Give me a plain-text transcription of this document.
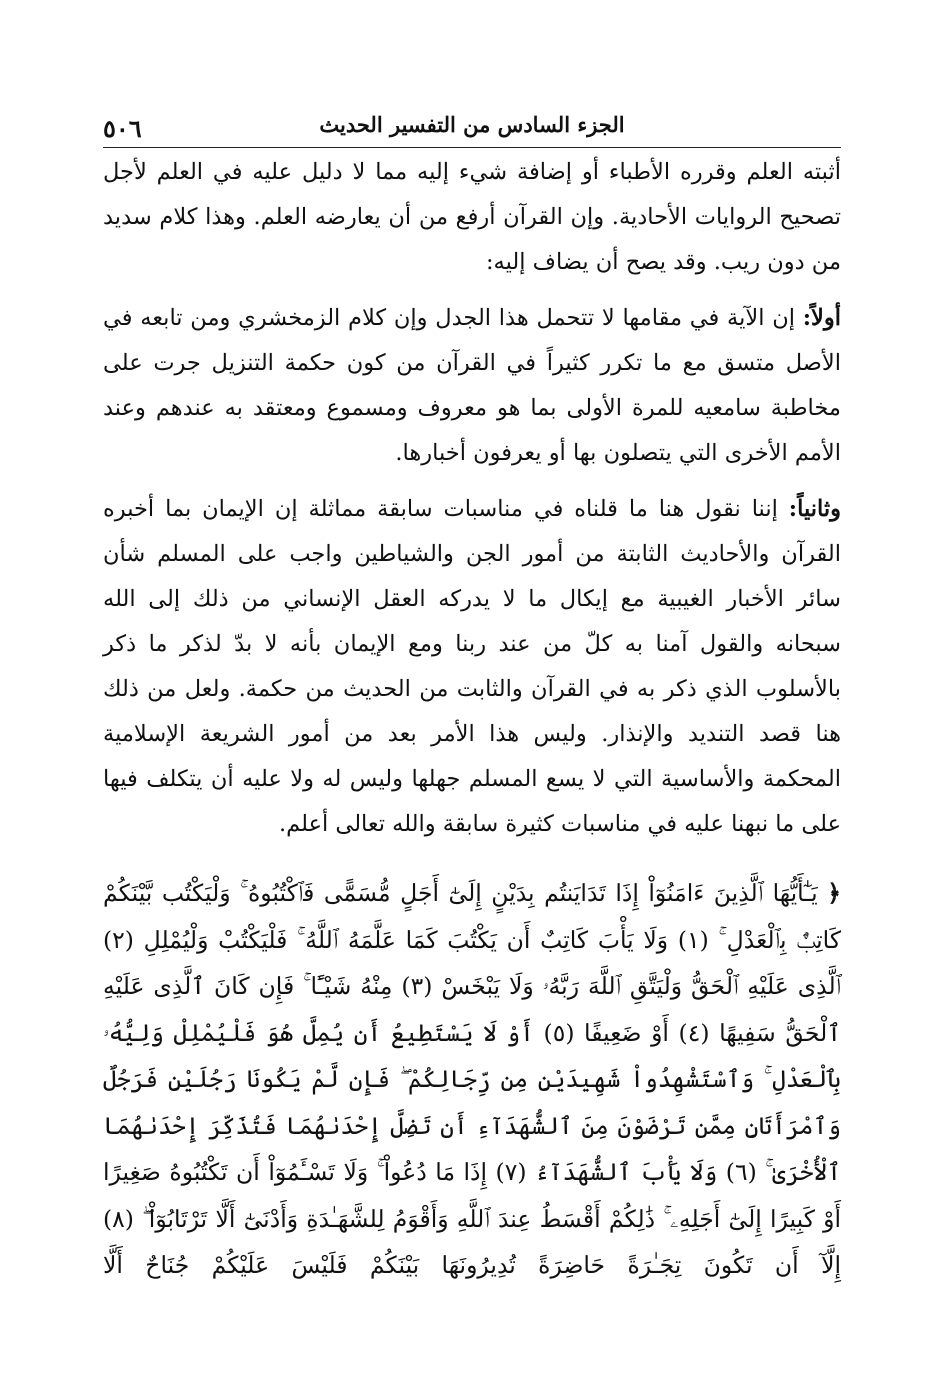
الجزء السادس من التفسير الحديث
٥٠٦

أثبته العلم وقرره الأطباء أو إضافة شيء إليه مما لا دليل عليه في العلم لأجل تصحيح الروايات الأحادية. وإن القرآن أرفع من أن يعارضه العلم. وهذا كلام سديد من دون ريب. وقد يصح أن يضاف إليه:

أولاً: إن الآية في مقامها لا تتحمل هذا الجدل وإن كلام الزمخشري ومن تابعه في الأصل متسق مع ما تكرر كثيراً في القرآن من كون حكمة التنزيل جرت على مخاطبة سامعيه للمرة الأولى بما هو معروف ومسموع ومعتقد به عندهم وعند الأمم الأخرى التي يتصلون بها أو يعرفون أخبارها.

وثانياً: إننا نقول هنا ما قلناه في مناسبات سابقة مماثلة إن الإيمان بما أخبره القرآن والأحاديث الثابتة من أمور الجن والشياطين واجب على المسلم شأن سائر الأخبار الغيبية مع إيكال ما لا يدركه العقل الإنساني من ذلك إلى الله سبحانه والقول آمنا به كلّ من عند ربنا ومع الإيمان بأنه لا بدّ لذكر ما ذكر بالأسلوب الذي ذكر به في القرآن والثابت من الحديث من حكمة. ولعل من ذلك هنا قصد التنديد والإنذار. وليس هذا الأمر بعد من أمور الشريعة الإسلامية المحكمة والأساسية التي لا يسع المسلم جهلها وليس له ولا عليه أن يتكلف فيها على ما نبهنا عليه في مناسبات كثيرة سابقة والله تعالى أعلم.

﴿ يَـٰٓأَيُّهَا ٱلَّذِينَ ءَامَنُوٓاْ إِذَا تَدَايَنتُم بِدَيْنٍ إِلَىٰٓ أَجَلٍ مُّسَمًّى فَٱكْتُبُوهُ ۚ وَلْيَكْتُب بَّيْنَكُمْ كَاتِبٌۢ بِٱلْعَدْلِ ۚ (١) وَلَا يَأْبَ كَاتِبٌ أَن يَكْتُبَ كَمَا عَلَّمَهُ ٱللَّهُ ۚ فَلْيَكْتُبْ وَلْيُمْلِلِ (٢) ٱلَّذِى عَلَيْهِ ٱلْحَقُّ وَلْيَتَّقِ ٱللَّهَ رَبَّهُۥ وَلَا يَبْخَسْ (٣) مِنْهُ شَيْـًٔا ۚ فَإِن كَانَ ٱلَّذِى عَلَيْهِ ٱلْحَقُّ سَفِيهًا (٤) أَوْ ضَعِيفًا (٥) أَوْ لَا يَسْتَطِيعُ أَن يُمِلَّ هُوَ فَلْيُمْلِلْ وَلِيُّهُۥ بِٱلْعَدْلِ ۚ وَٱسْتَشْهِدُواْ شَهِيدَيْنِ مِن رِّجَالِكُمْ ۖ فَإِن لَّمْ يَكُونَا رَجُلَيْنِ فَرَجُلٌ وَٱمْرَأَتَانِ مِمَّن تَرْضَوْنَ مِنَ ٱلشُّهَدَآءِ أَن تَضِلَّ إِحْدَىٰهُمَا فَتُذَكِّرَ إِحْدَىٰهُمَا ٱلْأُخْرَىٰ ۚ (٦) وَلَا يَأْبَ ٱلشُّهَدَآءُ (٧) إِذَا مَا دُعُواْ ۚ وَلَا تَسْـَٔمُوٓاْ أَن تَكْتُبُوهُ صَغِيرًا أَوْ كَبِيرًا إِلَىٰٓ أَجَلِهِۦ ۚ ذَٰلِكُمْ أَقْسَطُ عِندَ ٱللَّهِ وَأَقْوَمُ لِلشَّهَـٰدَةِ وَأَدْنَىٰٓ أَلَّا تَرْتَابُوٓاْ ۖ (٨) إِلَّآ أَن تَكُونَ تِجَـٰرَةً حَاضِرَةً تُدِيرُونَهَا بَيْنَكُمْ فَلَيْسَ عَلَيْكُمْ جُنَاحٌ أَلَّا
